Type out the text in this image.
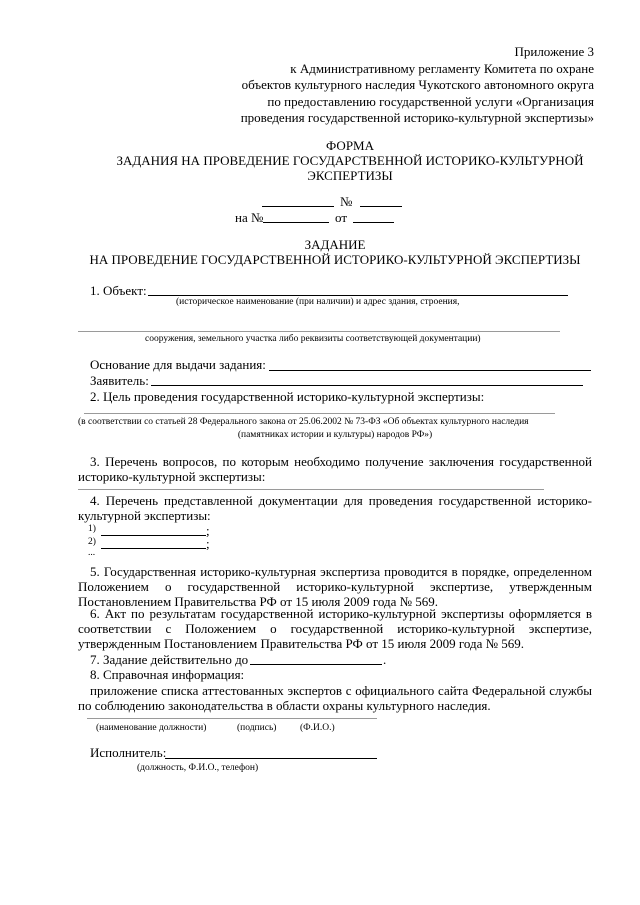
Приложение 3
к Административному регламенту Комитета по охране
объектов культурного наследия Чукотского автономного округа
по предоставлению государственной услуги «Организация
проведения государственной историко-культурной экспертизы»
ФОРМА
ЗАДАНИЯ НА ПРОВЕДЕНИЕ ГОСУДАРСТВЕННОЙ ИСТОРИКО-КУЛЬТУРНОЙ
ЭКСПЕРТИЗЫ
№
на №	от
ЗАДАНИЕ
НА ПРОВЕДЕНИЕ ГОСУДАРСТВЕННОЙ ИСТОРИКО-КУЛЬТУРНОЙ ЭКСПЕРТИЗЫ
1. Объект:
(историческое наименование (при наличии) и адрес здания, строения,
сооружения, земельного участка либо реквизиты соответствующей документации)
Основание для выдачи задания:
Заявитель:
2. Цель проведения государственной историко-культурной экспертизы:
(в соответствии со статьей 28 Федерального закона от 25.06.2002 № 73-ФЗ «Об объектах культурного наследия
(памятниках истории и культуры) народов РФ»)
3. Перечень вопросов, по которым необходимо получение заключения государственной
историко-культурной экспертизы:
4. Перечень представленной документации для проведения государственной историко-
культурной экспертизы:
1)	;
2)	;
...
5. Государственная историко-культурная экспертиза проводится в порядке, определенном
Положением о государственной историко-культурной экспертизе, утвержденным
Постановлением Правительства РФ от 15 июля 2009 года № 569.
6. Акт по результатам государственной историко-культурной экспертизы оформляется в
соответствии с Положением о государственной историко-культурной экспертизе,
утвержденным Постановлением Правительства РФ от 15 июля 2009 года № 569.
7. Задание действительно до	.
8. Справочная информация:
приложение списка аттестованных экспертов с официального сайта Федеральной службы
по соблюдению законодательства в области охраны культурного наследия.
(наименование должности)	(подпись) (Ф.И.О.)
Исполнитель:
(должность, Ф.И.О., телефон)
